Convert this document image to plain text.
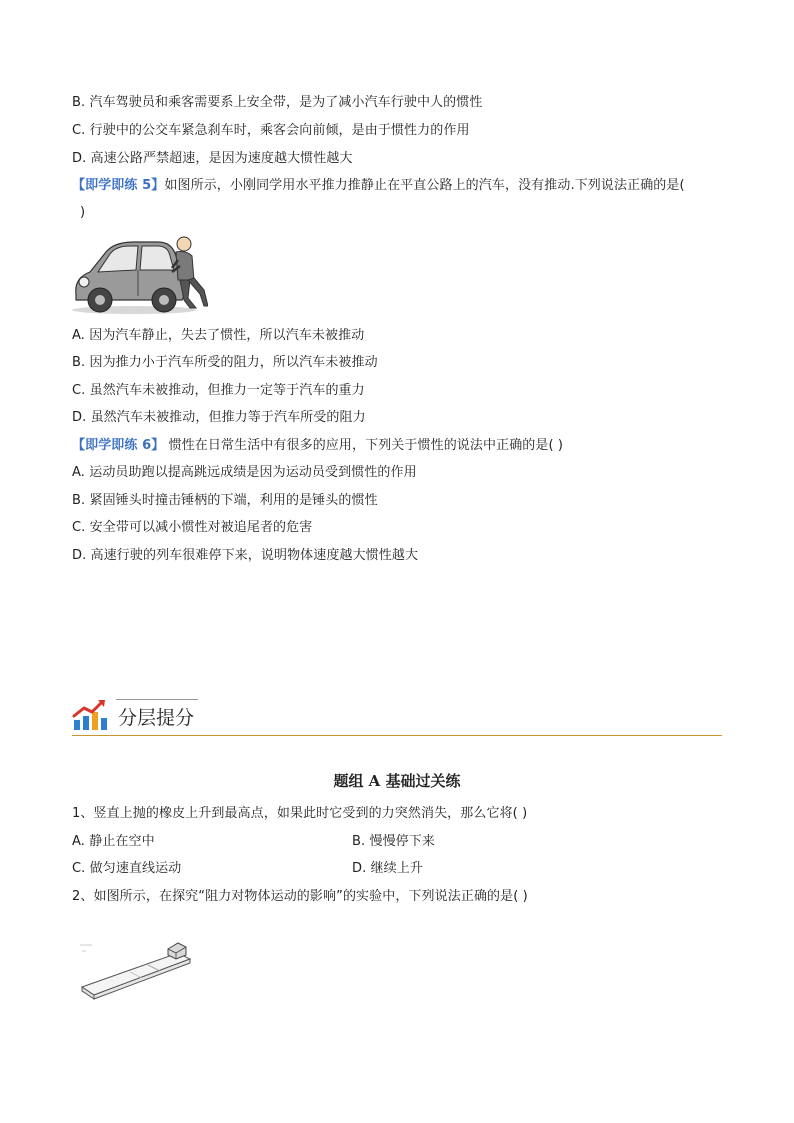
B. 汽车驾驶员和乘客需要系上安全带，是为了减小汽车行驶中人的惯性
C. 行驶中的公交车紧急刹车时，乘客会向前倾，是由于惯性力的作用
D. 高速公路严禁超速，是因为速度越大惯性越大
【即学即练 5】如图所示，小刚同学用水平推力推静止在平直公路上的汽车，没有推动.下列说法正确的是(
)
A. 因为汽车静止，失去了惯性，所以汽车未被推动
B. 因为推力小于汽车所受的阻力，所以汽车未被推动
C. 虽然汽车未被推动，但推力一定等于汽车的重力
D. 虽然汽车未被推动，但推力等于汽车所受的阻力
【即学即练 6】 惯性在日常生活中有很多的应用，下列关于惯性的说法中正确的是( )
A. 运动员助跑以提高跳远成绩是因为运动员受到惯性的作用
B. 紧固锤头时撞击锤柄的下端，利用的是锤头的惯性
C. 安全带可以减小惯性对被追尾者的危害
D. 高速行驶的列车很难停下来，说明物体速度越大惯性越大
分层提分
题组 A 基础过关练
1、竖直上抛的橡皮上升到最高点，如果此时它受到的力突然消失，那么它将( )
A. 静止在空中	B. 慢慢停下来
C. 做匀速直线运动	D. 继续上升
2、如图所示，在探究“阻力对物体运动的影响”的实验中，下列说法正确的是( )
